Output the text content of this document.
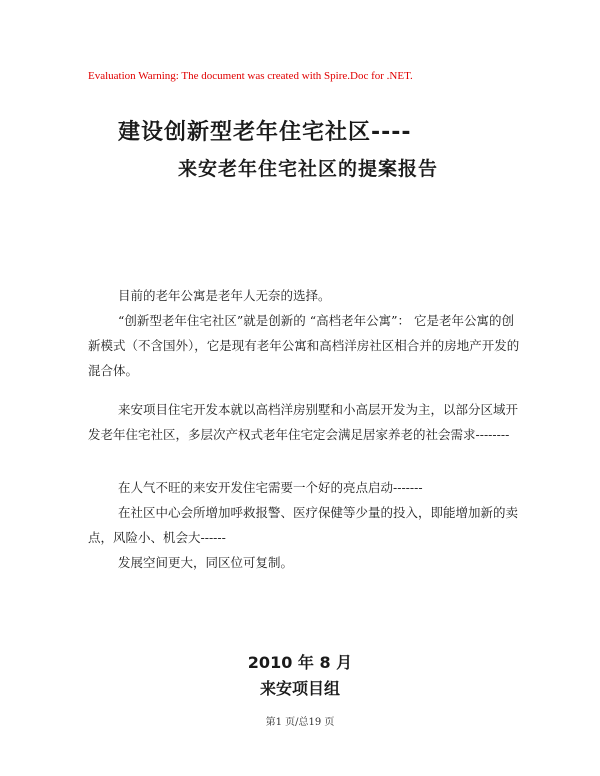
Evaluation Warning: The document was created with Spire.Doc for .NET.
建设创新型老年住宅社区----
来安老年住宅社区的提案报告

目前的老年公寓是老年人无奈的选择。

“创新型老年住宅社区”就是创新的 “高档老年公寓”： 它是老年公寓的创新模式（不含国外），它是现有老年公寓和高档洋房社区相合并的房地产开发的混合体。

来安项目住宅开发本就以高档洋房别墅和小高层开发为主，以部分区域开发老年住宅社区，多层次产权式老年住宅定会满足居家养老的社会需求--------

在人气不旺的来安开发住宅需要一个好的亮点启动-------

在社区中心会所增加呼救报警、医疗保健等少量的投入，即能增加新的卖点，风险小、机会大------

发展空间更大，同区位可复制。

2010 年 8 月
来安项目组
第1 页/总19 页
